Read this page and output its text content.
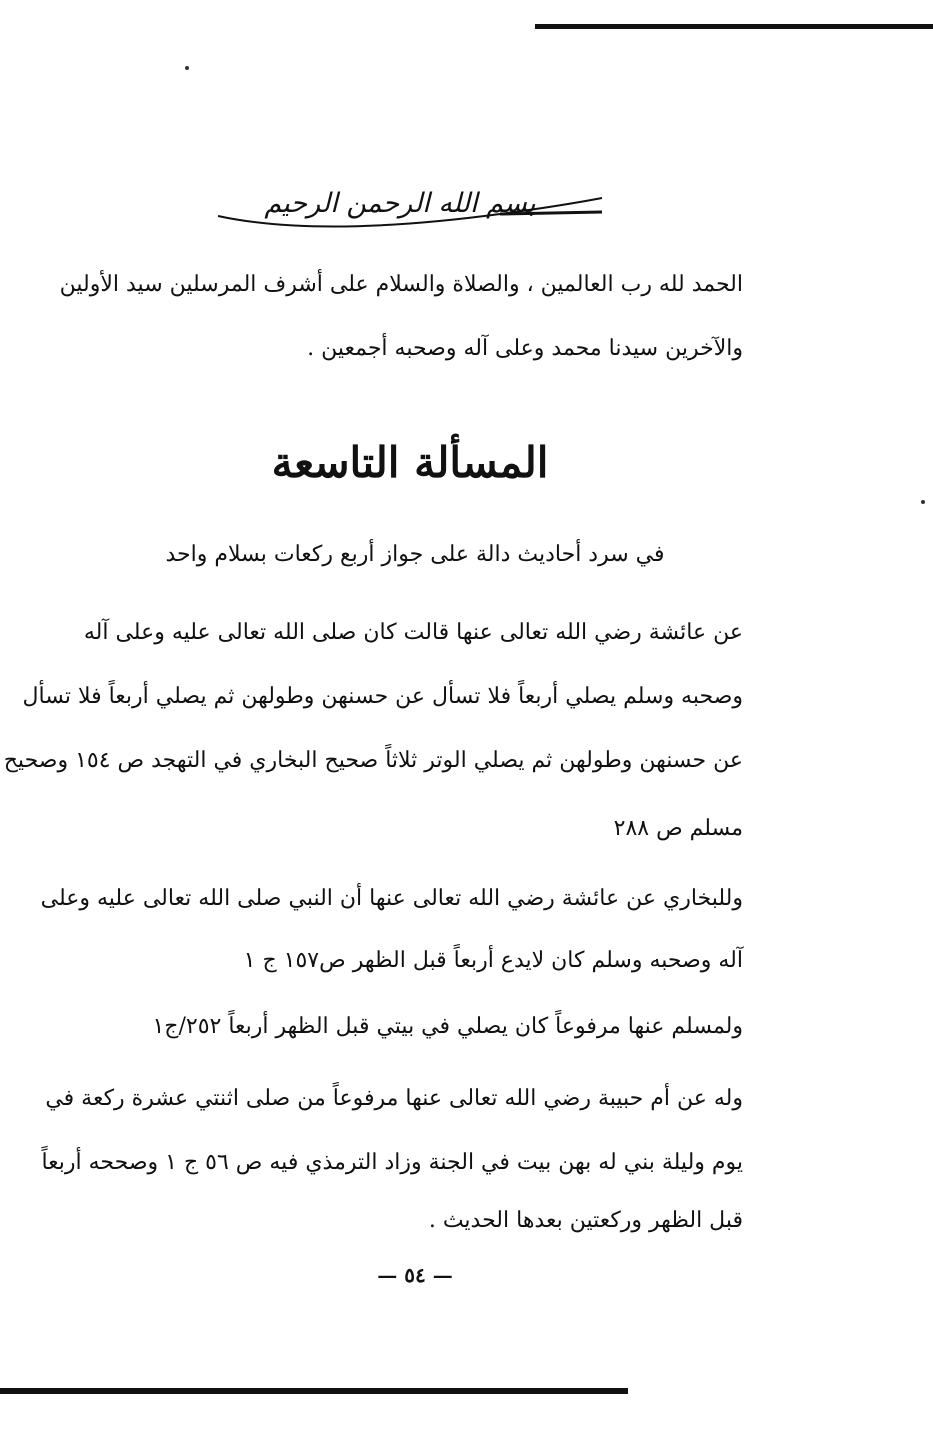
بسم الله الرحمن الرحيم
الحمد لله رب العالمين ، والصلاة والسلام على أشرف المرسلين سيد الأولين
والآخرين سيدنا محمد وعلى آله وصحبه أجمعين .
المسألة التاسعة
في سرد أحاديث دالة على جواز أربع ركعات بسلام واحد
عن عائشة رضي الله تعالى عنها قالت كان صلى الله تعالى عليه وعلى آله
وصحبه وسلم يصلي أربعاً فلا تسأل عن حسنهن وطولهن ثم يصلي أربعاً فلا تسأل
عن حسنهن وطولهن ثم يصلي الوتر ثلاثاً صحيح البخاري في التهجد ص ١٥٤ وصحيح
مسلم ص ٢٨٨
وللبخاري عن عائشة رضي الله تعالى عنها أن النبي صلى الله تعالى عليه وعلى
آله وصحبه وسلم كان لايدع أربعاً قبل الظهر ص١٥٧ ج ١
ولمسلم عنها مرفوعاً كان يصلي في بيتي قبل الظهر أربعاً ٢٥٢/ج١
وله عن أم حبيبة رضي الله تعالى عنها مرفوعاً من صلى اثنتي عشرة ركعة في
يوم وليلة بني له بهن بيت في الجنة وزاد الترمذي فيه ص ٥٦ ج ١ وصححه أربعاً
قبل الظهر وركعتين بعدها الحديث .
— ٥٤ —
